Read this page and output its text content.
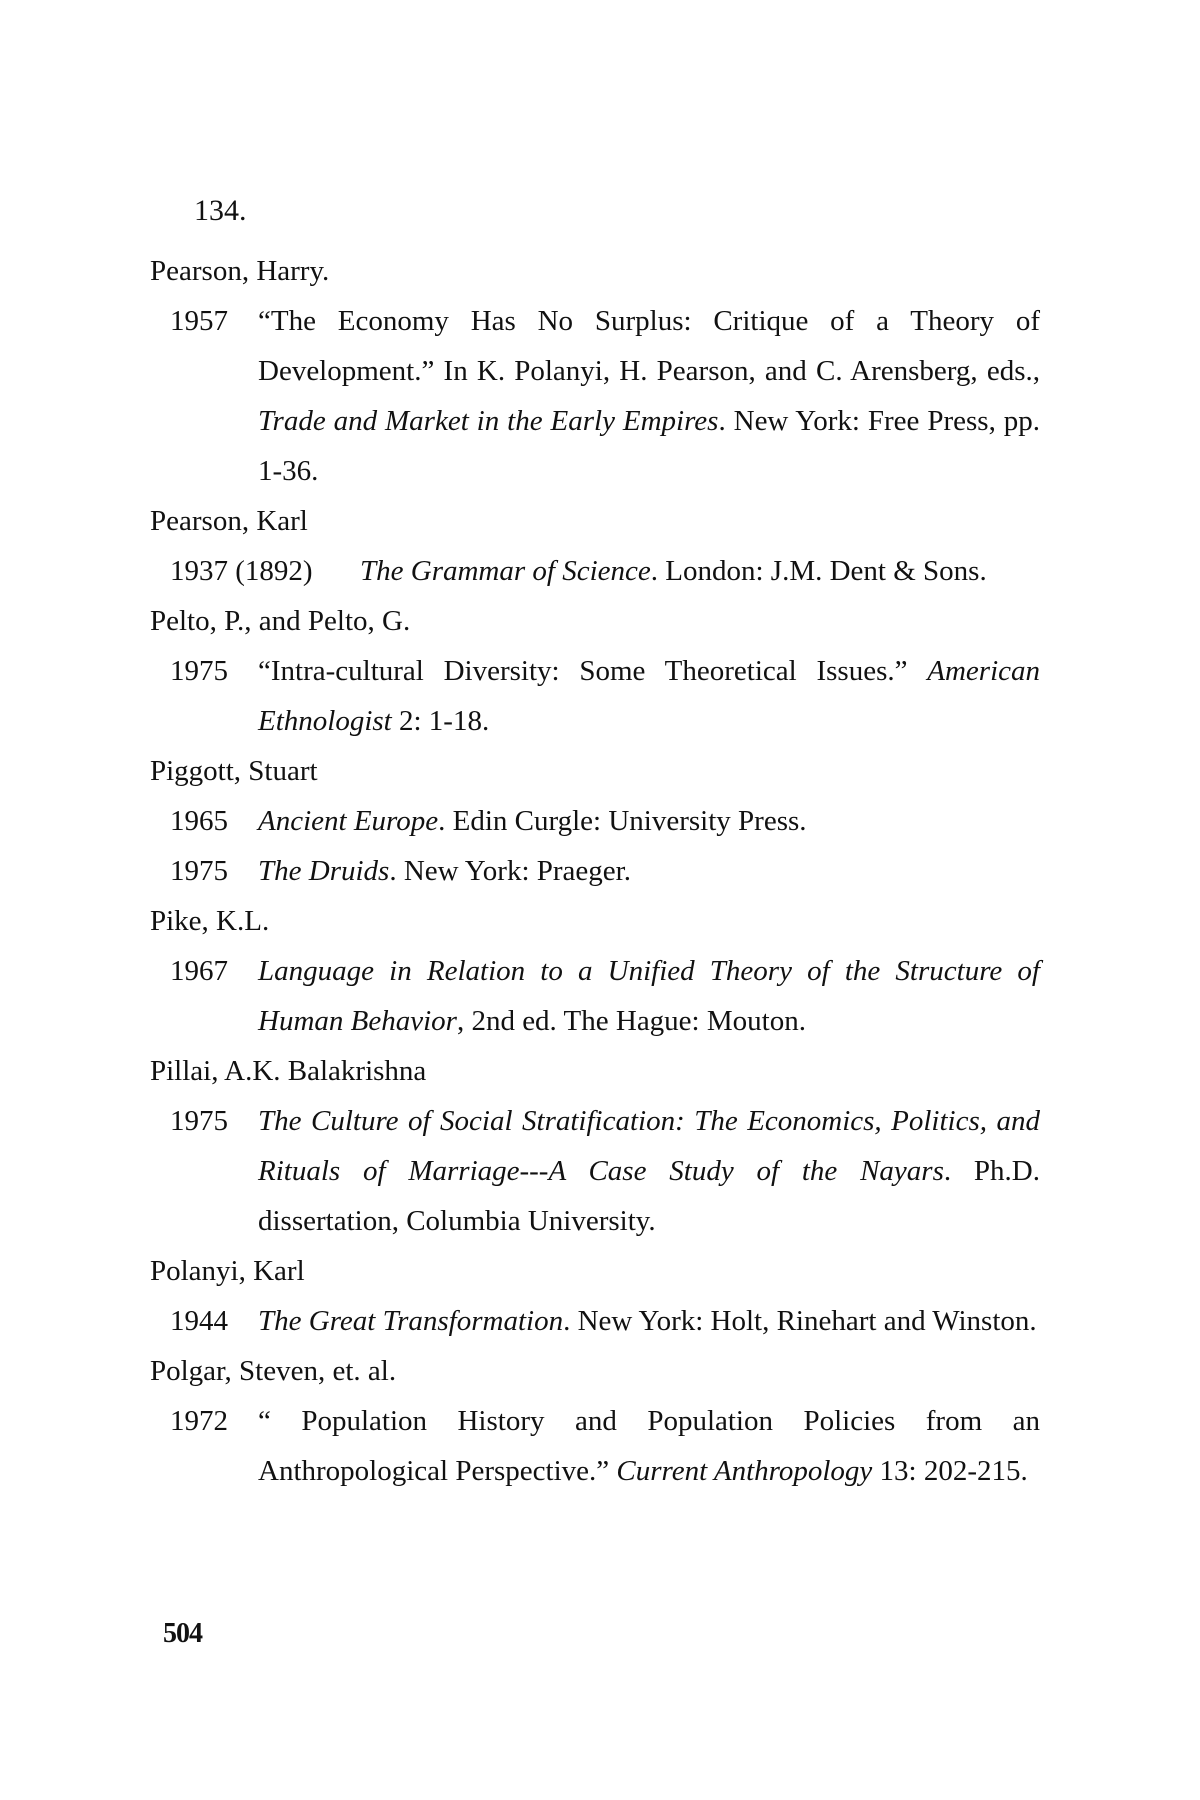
134.
Pearson, Harry.
1957 “The Economy Has No Surplus: Critique of a Theory of Development.” In K. Polanyi, H. Pearson, and C. Arensberg, eds., Trade and Market in the Early Empires. New York: Free Press, pp. 1-36.
Pearson, Karl
1937 (1892) The Grammar of Science. London: J.M. Dent & Sons.
Pelto, P., and Pelto, G.
1975 “Intra-cultural Diversity: Some Theoretical Issues.” American Ethnologist 2: 1-18.
Piggott, Stuart
1965 Ancient Europe. Edin Curgle: University Press.
1975 The Druids. New York: Praeger.
Pike, K.L.
1967 Language in Relation to a Unified Theory of the Structure of Human Behavior, 2nd ed. The Hague: Mouton.
Pillai, A.K. Balakrishna
1975 The Culture of Social Stratification: The Economics, Politics, and Rituals of Marriage---A Case Study of the Nayars. Ph.D. dissertation, Columbia University.
Polanyi, Karl
1944 The Great Transformation. New York: Holt, Rinehart and Winston.
Polgar, Steven, et. al.
1972 “ Population History and Population Policies from an Anthropological Perspective.” Current Anthropology 13: 202-215.
504
